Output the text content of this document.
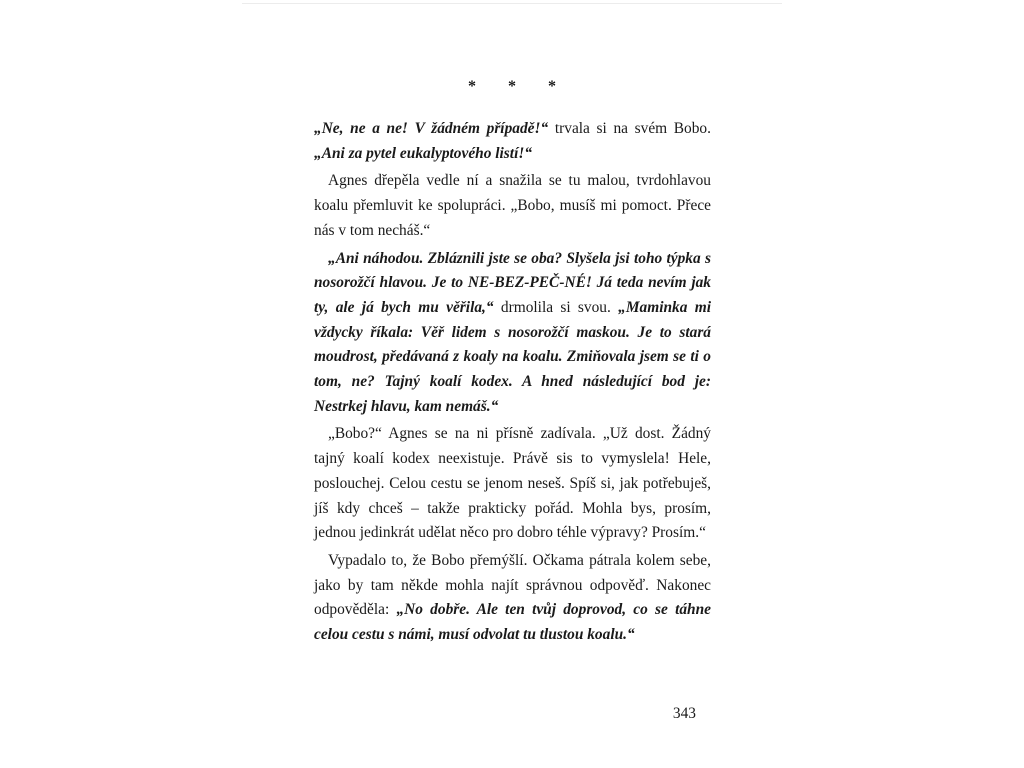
* * *

„Ne, ne a ne! V žádném případě!“ trvala si na svém Bobo. „Ani za pytel eukalyptového listí!“

Agnes dřepěla vedle ní a snažila se tu malou, tvrdohlavou koalu přemluvit ke spolupráci. „Bobo, musíš mi pomoct. Přece nás v tom necháš.“

„Ani náhodou. Zbláznili jste se oba? Slyšela jsi toho týpka s nosorožčí hlavou. Je to NE-BEZ-PEČ-NÉ! Já teda nevím jak ty, ale já bych mu věřila,“ drmolila si svou. „Maminka mi vždycky říkala: Věř lidem s nosorožčí maskou. Je to stará moudrost, předávaná z koaly na koalu. Zmiňovala jsem se ti o tom, ne? Tajný koalí kodex. A hned následující bod je: Nestrkej hlavu, kam nemáš.“

„Bobo?“ Agnes se na ni přísně zadívala. „Už dost. Žádný tajný koalí kodex neexistuje. Právě sis to vymyslela! Hele, poslouchej. Celou cestu se jenom neseš. Spíš si, jak potřebuješ, jíš kdy chceš – takže prakticky pořád. Mohla bys, prosím, jednou jedinkrát udělat něco pro dobro téhle výpravy? Prosím.“

Vypadalo to, že Bobo přemýšlí. Očkama pátrala kolem sebe, jako by tam někde mohla najít správnou odpověď. Nakonec odpověděla: „No dobře. Ale ten tvůj doprovod, co se táhne celou cestu s námi, musí odvolat tu tlustou koalu.“

343
